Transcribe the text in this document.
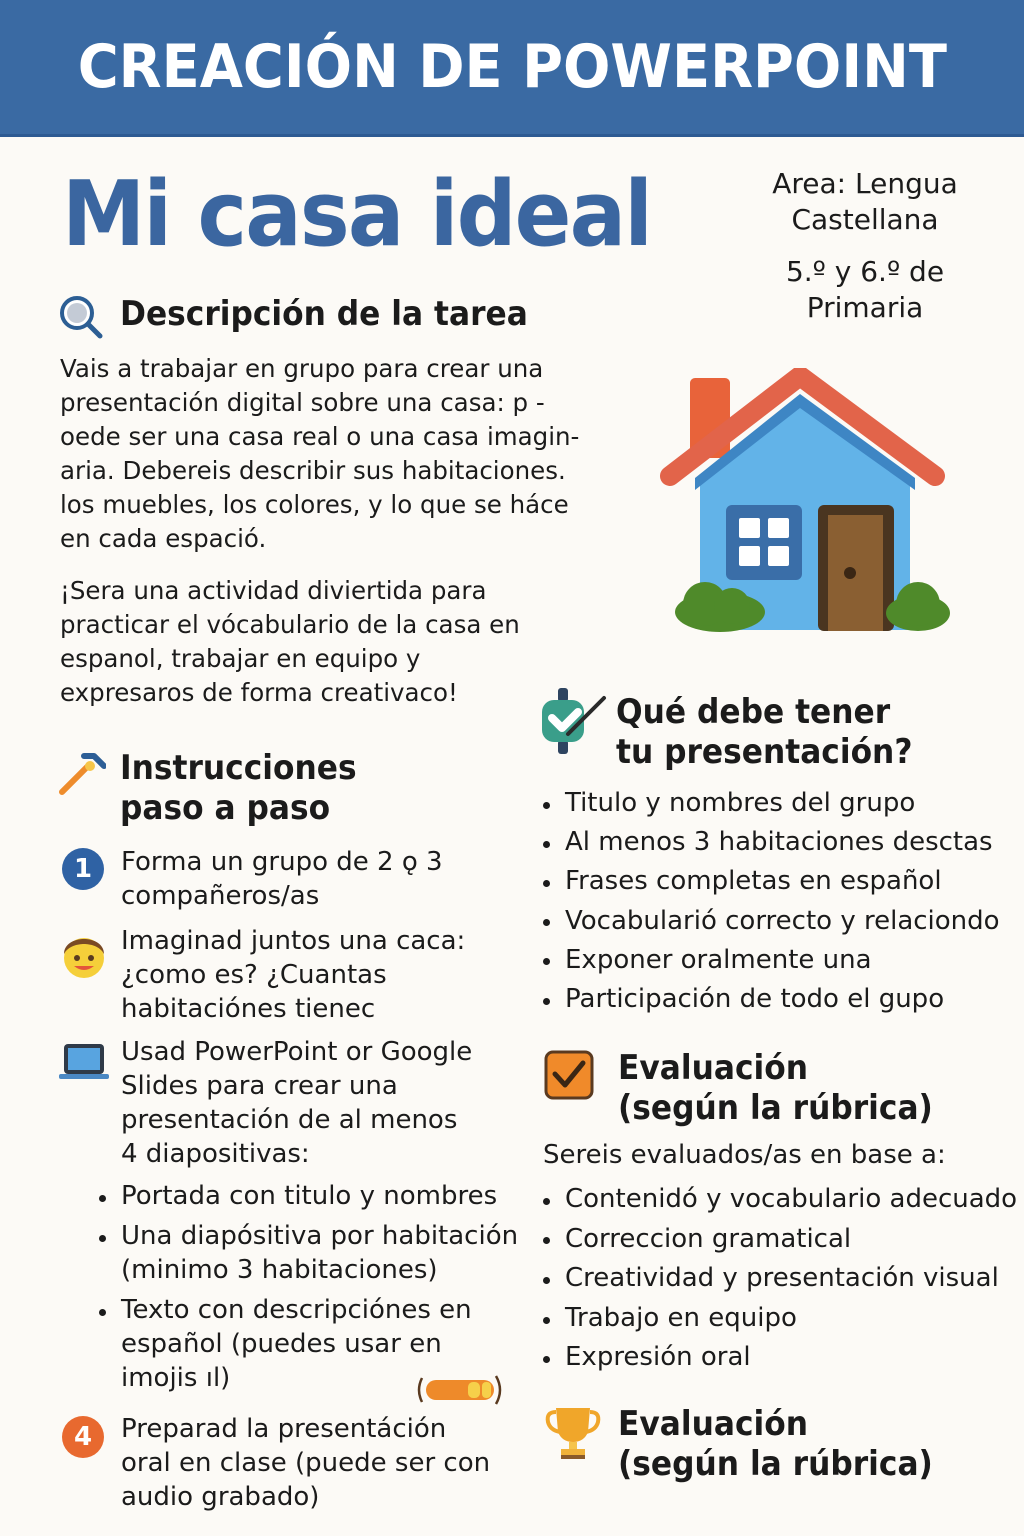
CREACIÓN DE POWERPOINT
Mi casa ideal	Area: Lengua
Castellana
5.º y 6.º de
Primaria
Descripción de la tarea
Vais a trabajar en grupo para crear una
presentación digital sobre una casa: p -
oede ser una casa real o una casa imagin-
aria. Debereis describir sus habitaciones.
los muebles, los colores, y lo que se háce
en cada espació.
¡Sera una actividad diviertida para
practicar el vócabulario de la casa en
espanol, trabajar en equipo y
expresaros de forma creativaco!
Instrucciones
paso a paso
1	Forma un grupo de 2 ǫ 3
compañeros/as
Imaginad juntos una caca:
¿como es? ¿Cuantas
habitaciónes tienec
Usad PowerPoint or Google
Slides para crear una
presentación de al menos
4 diapositivas:
Portada con titulo y nombres
Una diapósitiva por habitación
(minimo 3 habitaciones)
Texto con descripciónes en
español (puedes usar en
imojis ıl)
4	Preparad la presentáción
oral en clase (puede ser con
audio grabado)
Qué debe tener
tu presentación?
Titulo y nombres del grupo
Al menos 3 habitaciones desctas
Frases completas en español
Vocabularió correcto y relaciondo
Exponer oralmente una
Participación de todo el gupo
Evaluación
(según la rúbrica)
Sereis evaluados/as en base a:
Contenidó y vocabulario adecuado
Correccion gramatical
Creatividad y presentación visual
Trabajo en equipo
Expresión oral
Evaluación
(según la rúbrica)
